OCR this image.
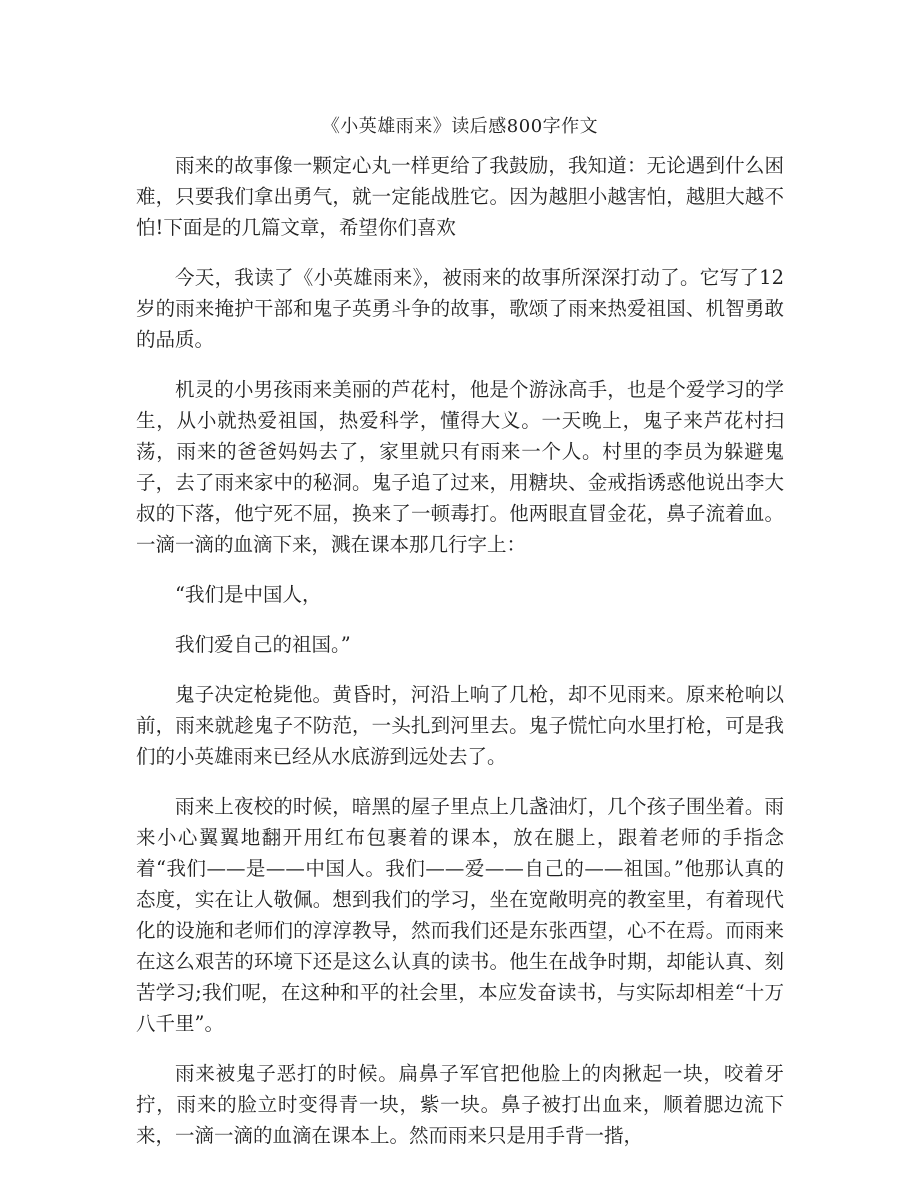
《小英雄雨来》读后感800字作文

雨来的故事像一颗定心丸一样更给了我鼓励，我知道：无论遇到什么困难，只要我们拿出勇气，就一定能战胜它。因为越胆小越害怕，越胆大越不怕!下面是的几篇文章，希望你们喜欢

今天，我读了《小英雄雨来》，被雨来的故事所深深打动了。它写了12岁的雨来掩护干部和鬼子英勇斗争的故事，歌颂了雨来热爱祖国、机智勇敢的品质。

机灵的小男孩雨来美丽的芦花村，他是个游泳高手，也是个爱学习的学生，从小就热爱祖国，热爱科学，懂得大义。一天晚上，鬼子来芦花村扫荡，雨来的爸爸妈妈去了，家里就只有雨来一个人。村里的李员为躲避鬼子，去了雨来家中的秘洞。鬼子追了过来，用糖块、金戒指诱惑他说出李大叔的下落，他宁死不屈，换来了一顿毒打。他两眼直冒金花，鼻子流着血。一滴一滴的血滴下来，溅在课本那几行字上：

“我们是中国人，

我们爱自己的祖国。”

鬼子决定枪毙他。黄昏时，河沿上响了几枪，却不见雨来。原来枪响以前，雨来就趁鬼子不防范，一头扎到河里去。鬼子慌忙向水里打枪，可是我们的小英雄雨来已经从水底游到远处去了。

雨来上夜校的时候，暗黑的屋子里点上几盏油灯，几个孩子围坐着。雨来小心翼翼地翻开用红布包裹着的课本，放在腿上，跟着老师的手指念着“我们——是——中国人。我们——爱——自己的——祖国。”他那认真的态度，实在让人敬佩。想到我们的学习，坐在宽敞明亮的教室里，有着现代化的设施和老师们的淳淳教导，然而我们还是东张西望，心不在焉。而雨来在这么艰苦的环境下还是这么认真的读书。他生在战争时期，却能认真、刻苦学习;我们呢，在这种和平的社会里，本应发奋读书，与实际却相差“十万八千里”。

雨来被鬼子恶打的时候。扁鼻子军官把他脸上的肉揪起一块，咬着牙拧，雨来的脸立时变得青一块，紫一块。鼻子被打出血来，顺着腮边流下来，一滴一滴的血滴在课本上。然而雨来只是用手背一揩，
